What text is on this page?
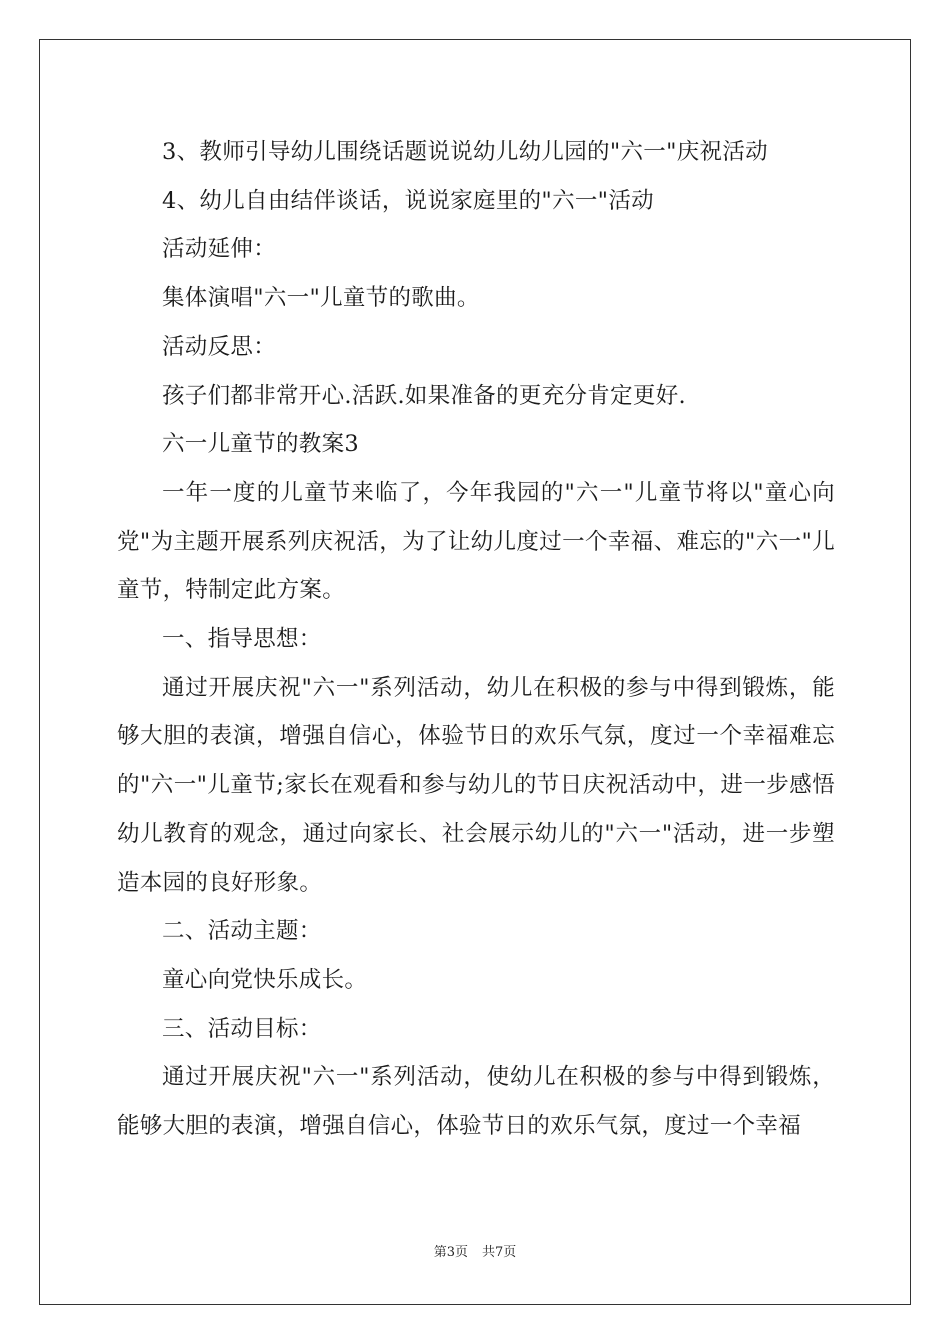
3、教师引导幼儿围绕话题说说幼儿幼儿园的"六一"庆祝活动

4、幼儿自由结伴谈话，说说家庭里的"六一"活动

活动延伸：

集体演唱"六一"儿童节的歌曲。

活动反思：

孩子们都非常开心.活跃.如果准备的更充分肯定更好.

六一儿童节的教案3

一年一度的儿童节来临了，今年我园的"六一"儿童节将以"童心向党"为主题开展系列庆祝活，为了让幼儿度过一个幸福、难忘的"六一"儿童节，特制定此方案。

一、指导思想：

通过开展庆祝"六一"系列活动，幼儿在积极的参与中得到锻炼，能够大胆的表演，增强自信心，体验节日的欢乐气氛，度过一个幸福难忘的"六一"儿童节;家长在观看和参与幼儿的节日庆祝活动中，进一步感悟幼儿教育的观念，通过向家长、社会展示幼儿的"六一"活动，进一步塑造本园的良好形象。

二、活动主题：

童心向党快乐成长。

三、活动目标：

通过开展庆祝"六一"系列活动，使幼儿在积极的参与中得到锻炼，能够大胆的表演，增强自信心，体验节日的欢乐气氛，度过一个幸福

第3页 共7页
